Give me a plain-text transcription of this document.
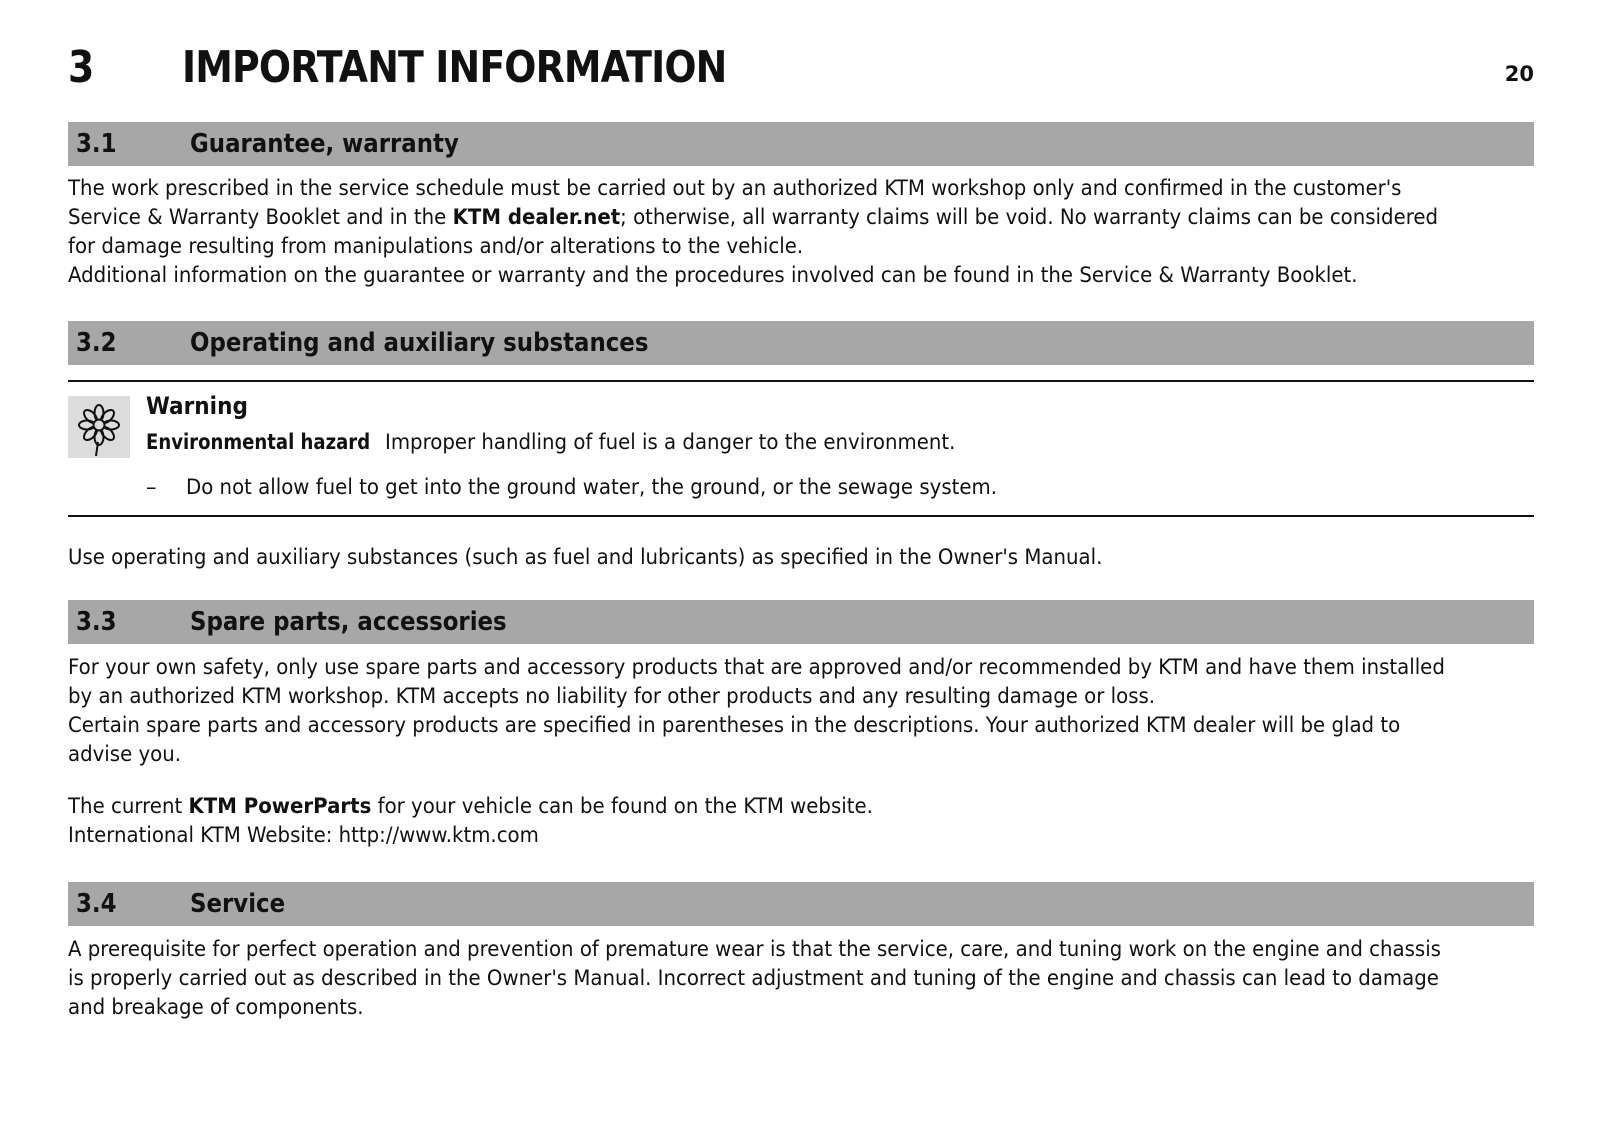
3 IMPORTANT INFORMATION	20
3.1	Guarantee, warranty
The work prescribed in the service schedule must be carried out by an authorized KTM workshop only and confirmed in the customer's
Service & Warranty Booklet and in the KTM dealer.net; otherwise, all warranty claims will be void. No warranty claims can be considered
for damage resulting from manipulations and/or alterations to the vehicle.
Additional information on the guarantee or warranty and the procedures involved can be found in the Service & Warranty Booklet.
3.2	Operating and auxiliary substances
Warning
Environmental hazard Improper handling of fuel is a danger to the environment.
– Do not allow fuel to get into the ground water, the ground, or the sewage system.
Use operating and auxiliary substances (such as fuel and lubricants) as specified in the Owner's Manual.
3.3	Spare parts, accessories
For your own safety, only use spare parts and accessory products that are approved and/or recommended by KTM and have them installed
by an authorized KTM workshop. KTM accepts no liability for other products and any resulting damage or loss.
Certain spare parts and accessory products are specified in parentheses in the descriptions. Your authorized KTM dealer will be glad to
advise you.
The current KTM PowerParts for your vehicle can be found on the KTM website.
International KTM Website: http://www.ktm.com
3.4	Service
A prerequisite for perfect operation and prevention of premature wear is that the service, care, and tuning work on the engine and chassis
is properly carried out as described in the Owner's Manual. Incorrect adjustment and tuning of the engine and chassis can lead to damage
and breakage of components.
